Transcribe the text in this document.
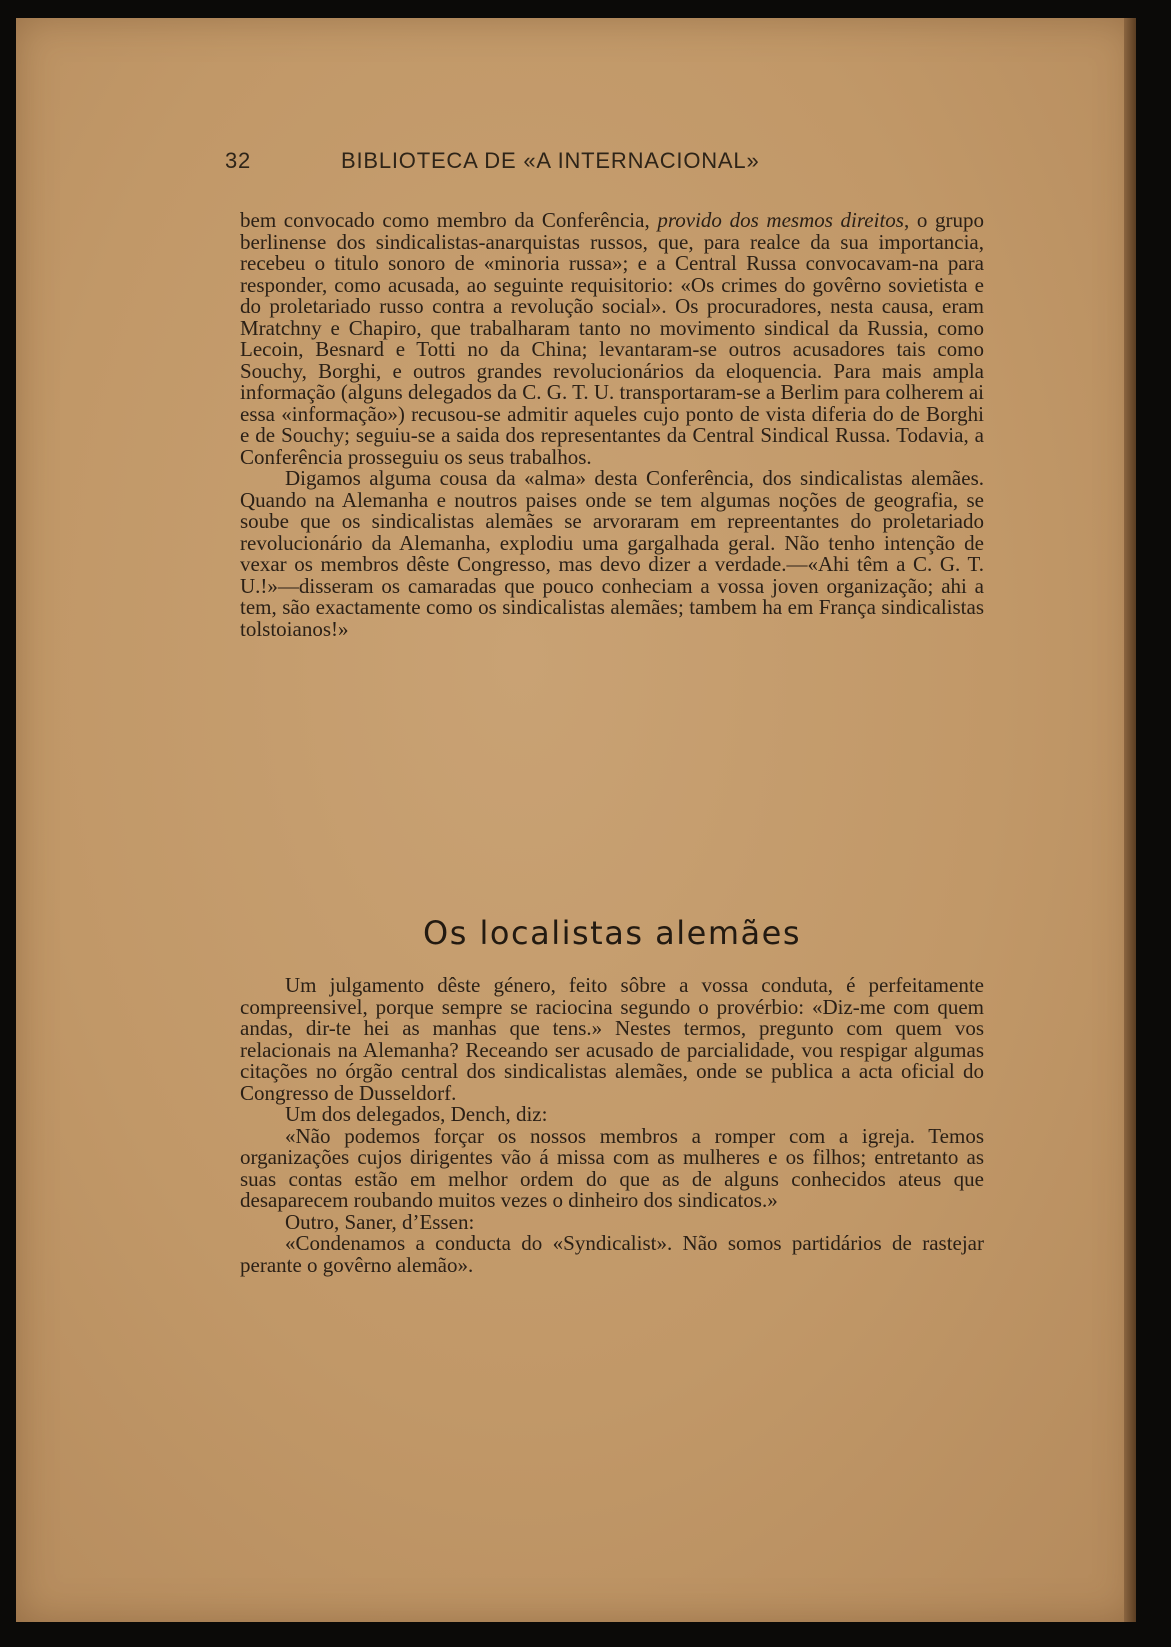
32	BIBLIOTECA DE «A INTERNACIONAL»

bem convocado como membro da Conferência, provido dos mesmos direitos, o grupo berlinense dos sindicalistas-anarquistas russos, que, para realce da sua importancia, recebeu o titulo sonoro de «minoria russa»; e a Central Russa convocavam-na para responder, como acusada, ao seguinte requisitorio: «Os crimes do govêrno sovietista e do proletariado russo contra a revolução social». Os procuradores, nesta causa, eram Mratchny e Chapiro, que trabalharam tanto no movimento sindical da Russia, como Lecoin, Besnard e Totti no da China; levantaram-se outros acusadores tais como Souchy, Borghi, e outros grandes revolucionários da eloquencia. Para mais ampla informação (alguns delegados da C. G. T. U. transportaram-se a Berlim para colherem ai essa «informação») recusou-se admitir aqueles cujo ponto de vista diferia do de Borghi e de Souchy; seguiu-se a saida dos representantes da Central Sindical Russa. Todavia, a Conferência prosseguiu os seus trabalhos.

Digamos alguma cousa da «alma» desta Conferência, dos sindicalistas alemães. Quando na Alemanha e noutros paises onde se tem algumas noções de geografia, se soube que os sindicalistas alemães se arvoraram em repreentantes do proletariado revolucionário da Alemanha, explodiu uma gargalhada geral. Não tenho intenção de vexar os membros dêste Congresso, mas devo dizer a verdade.—«Ahi têm a C. G. T. U.!»—disseram os camaradas que pouco conheciam a vossa joven organização; ahi a tem, são exactamente como os sindicalistas alemães; tambem ha em França sindicalistas tolstoianos!»

Os localistas alemães

Um julgamento dêste género, feito sôbre a vossa conduta, é perfeitamente compreensivel, porque sempre se raciocina segundo o provérbio: «Diz-me com quem andas, dir-te hei as manhas que tens.» Nestes termos, pregunto com quem vos relacionais na Alemanha? Receando ser acusado de parcialidade, vou respigar algumas citações no órgão central dos sindicalistas alemães, onde se publica a acta oficial do Congresso de Dusseldorf.

Um dos delegados, Dench, diz:

«Não podemos forçar os nossos membros a romper com a igreja. Temos organizações cujos dirigentes vão á missa com as mulheres e os filhos; entretanto as suas contas estão em melhor ordem do que as de alguns conhecidos ateus que desaparecem roubando muitos vezes o dinheiro dos sindicatos.»

Outro, Saner, d’Essen:

«Condenamos a conducta do «Syndicalist». Não somos partidários de rastejar perante o govêrno alemão».
